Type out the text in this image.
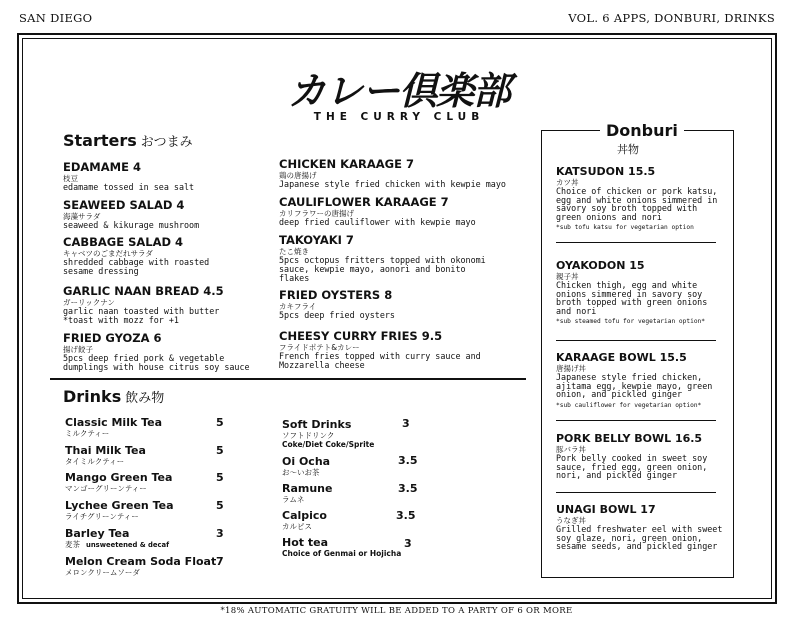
SAN DIEGO	VOL. 6 APPS, DONBURI, DRINKS
カレー倶楽部
THE CURRY CLUB
Starters おつまみ
EDAMAME 4
枝豆
edamame tossed in sea salt
SEAWEED SALAD 4
海藻サラダ
seaweed & kikurage mushroom
CABBAGE SALAD 4
キャベツのごまだれサラダ
shredded cabbage with roasted sesame dressing
GARLIC NAAN BREAD 4.5
ガーリックナン
garlic naan toasted with butter *toast with mozz for +1
FRIED GYOZA 6
揚げ餃子
5pcs deep fried pork & vegetable dumplings with house citrus soy sauce
CHICKEN KARAAGE 7
鶏の唐揚げ
Japanese style fried chicken with kewpie mayo
CAULIFLOWER KARAAGE 7
カリフラワーの唐揚げ
deep fried cauliflower with kewpie mayo
TAKOYAKI 7
たこ焼き
5pcs octopus fritters topped with okonomi sauce, kewpie mayo, aonori and bonito flakes
FRIED OYSTERS 8
カキフライ
5pcs deep fried oysters
CHEESY CURRY FRIES 9.5
フライドポテト&カレー
French fries topped with curry sauce and Mozzarella cheese
Drinks 飲み物
Classic Milk Tea
ミルクティー
5
Thai Milk Tea
タイミルクティー
5
Mango Green Tea
マンゴーグリーンティー
5
Lychee Green Tea
ライチグリーンティー
5
Barley Tea
麦茶 unsweetened & decaf
3
Melon Cream Soda Float
メロンクリームソーダ
7
Soft Drinks
ソフトドリンク
Coke/Diet Coke/Sprite
3
Oi Ocha
お〜いお茶
3.5
Ramune
ラムネ
3.5
Calpico
カルピス
3.5
Hot tea
Choice of Genmai or Hojicha
3
Donburi
丼物
KATSUDON 15.5
カツ丼
Choice of chicken or pork katsu, egg and white onions simmered in savory soy broth topped with green onions and nori
*sub tofu katsu for vegetarian option
OYAKODON 15
親子丼
Chicken thigh, egg and white onions simmered in savory soy broth topped with green onions and nori
*sub steamed tofu for vegetarian option*
KARAAGE BOWL 15.5
唐揚げ丼
Japanese style fried chicken, ajitama egg, kewpie mayo, green onion, and pickled ginger
*sub cauliflower for vegetarian option*
PORK BELLY BOWL 16.5
豚バラ丼
Pork belly cooked in sweet soy sauce, fried egg, green onion, nori, and pickled ginger
UNAGI BOWL 17
うなぎ丼
Grilled freshwater eel with sweet soy glaze, nori, green onion, sesame seeds, and pickled ginger
*18% AUTOMATIC GRATUITY WILL BE ADDED TO A PARTY OF 6 OR MORE
